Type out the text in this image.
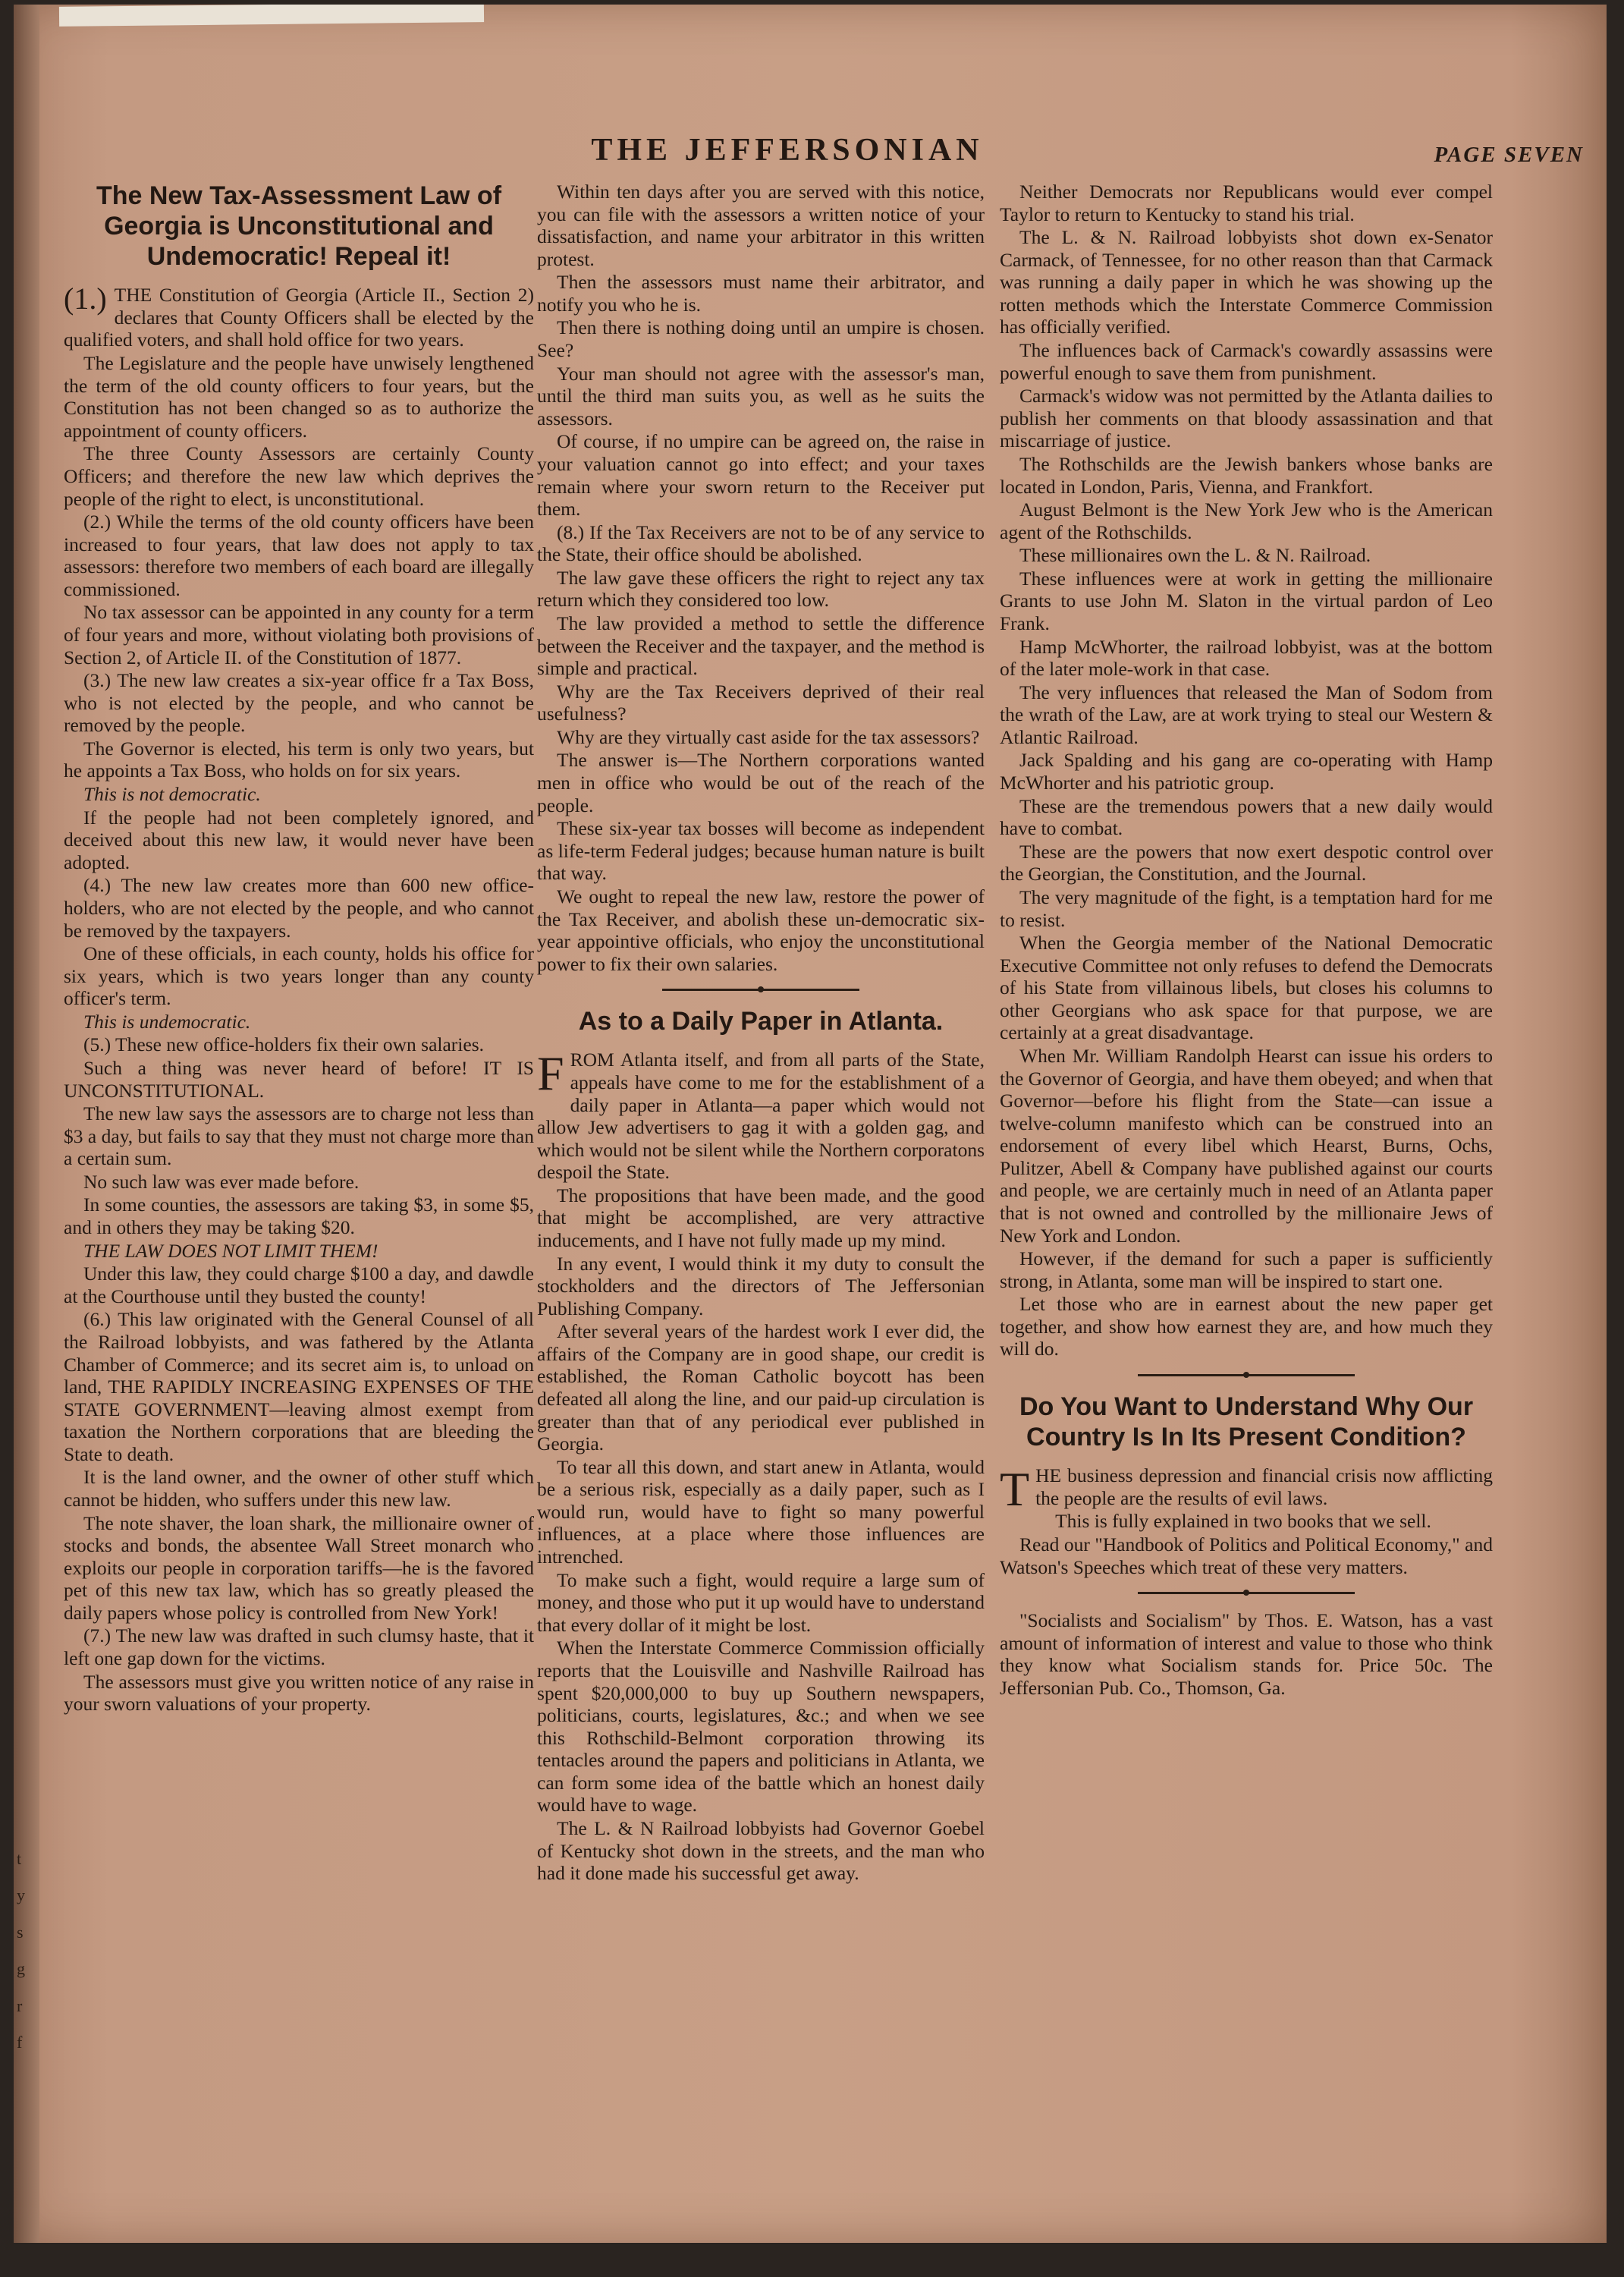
t
y
s
g
r
f
THE JEFFERSONIAN	PAGE SEVEN
The New Tax-Assessment Law of Georgia is Unconstitutional and Undemocratic! Repeal it!

(1.) THE Constitution of Georgia (Article II., Section 2) declares that County Officers shall be elected by the qualified voters, and shall hold office for two years.

The Legislature and the people have unwisely lengthened the term of the old county officers to four years, but the Constitution has not been changed so as to authorize the appointment of county officers.

The three County Assessors are certainly County Officers; and therefore the new law which deprives the people of the right to elect, is unconstitutional.

(2.) While the terms of the old county officers have been increased to four years, that law does not apply to tax assessors: therefore two members of each board are illegally commissioned.

No tax assessor can be appointed in any county for a term of four years and more, without violating both provisions of Section 2, of Article II. of the Constitution of 1877.

(3.) The new law creates a six-year office fr a Tax Boss, who is not elected by the people, and who cannot be removed by the people.

The Governor is elected, his term is only two years, but he appoints a Tax Boss, who holds on for six years.

This is not democratic.

If the people had not been completely ignored, and deceived about this new law, it would never have been adopted.

(4.) The new law creates more than 600 new office-holders, who are not elected by the people, and who cannot be removed by the taxpayers.

One of these officials, in each county, holds his office for six years, which is two years longer than any county officer's term.

This is undemocratic.

(5.) These new office-holders fix their own salaries.

Such a thing was never heard of before! IT IS UNCONSTITUTIONAL.

The new law says the assessors are to charge not less than $3 a day, but fails to say that they must not charge more than a certain sum.

No such law was ever made before.

In some counties, the assessors are taking $3, in some $5, and in others they may be taking $20.

THE LAW DOES NOT LIMIT THEM!

Under this law, they could charge $100 a day, and dawdle at the Courthouse until they busted the county!

(6.) This law originated with the General Counsel of all the Railroad lobbyists, and was fathered by the Atlanta Chamber of Commerce; and its secret aim is, to unload on land, THE RAPIDLY INCREASING EXPENSES OF THE STATE GOVERNMENT—leaving almost exempt from taxation the Northern corporations that are bleeding the State to death.

It is the land owner, and the owner of other stuff which cannot be hidden, who suffers under this new law.

The note shaver, the loan shark, the millionaire owner of stocks and bonds, the absentee Wall Street monarch who exploits our people in corporation tariffs—he is the favored pet of this new tax law, which has so greatly pleased the daily papers whose policy is controlled from New York!

(7.) The new law was drafted in such clumsy haste, that it left one gap down for the victims.

The assessors must give you written notice of any raise in your sworn valuations of your property.

Within ten days after you are served with this notice, you can file with the assessors a written notice of your dissatisfaction, and name your arbitrator in this written protest.

Then the assessors must name their arbitrator, and notify you who he is.

Then there is nothing doing until an umpire is chosen. See?

Your man should not agree with the assessor's man, until the third man suits you, as well as he suits the assessors.

Of course, if no umpire can be agreed on, the raise in your valuation cannot go into effect; and your taxes remain where your sworn return to the Receiver put them.

(8.) If the Tax Receivers are not to be of any service to the State, their office should be abolished.

The law gave these officers the right to reject any tax return which they considered too low.

The law provided a method to settle the difference between the Receiver and the taxpayer, and the method is simple and practical.

Why are the Tax Receivers deprived of their real usefulness?

Why are they virtually cast aside for the tax assessors?

The answer is—The Northern corporations wanted men in office who would be out of the reach of the people.

These six-year tax bosses will become as independent as life-term Federal judges; because human nature is built that way.

We ought to repeal the new law, restore the power of the Tax Receiver, and abolish these un-democratic six-year appointive officials, who enjoy the unconstitutional power to fix their own salaries.

As to a Daily Paper in Atlanta.

FROM Atlanta itself, and from all parts of the State, appeals have come to me for the establishment of a daily paper in Atlanta—a paper which would not allow Jew advertisers to gag it with a golden gag, and which would not be silent while the Northern corporatons despoil the State.

The propositions that have been made, and the good that might be accomplished, are very attractive inducements, and I have not fully made up my mind.

In any event, I would think it my duty to consult the stockholders and the directors of The Jeffersonian Publishing Company.

After several years of the hardest work I ever did, the affairs of the Company are in good shape, our credit is established, the Roman Catholic boycott has been defeated all along the line, and our paid-up circulation is greater than that of any periodical ever published in Georgia.

To tear all this down, and start anew in Atlanta, would be a serious risk, especially as a daily paper, such as I would run, would have to fight so many powerful influences, at a place where those influences are intrenched.

To make such a fight, would require a large sum of money, and those who put it up would have to understand that every dollar of it might be lost.

When the Interstate Commerce Commission officially reports that the Louisville and Nashville Railroad has spent $20,000,000 to buy up Southern newspapers, politicians, courts, legislatures, &c.; and when we see this Rothschild-Belmont corporation throwing its tentacles around the papers and politicians in Atlanta, we can form some idea of the battle which an honest daily would have to wage.

The L. & N Railroad lobbyists had Governor Goebel of Kentucky shot down in the streets, and the man who had it done made his successful get away.

Neither Democrats nor Republicans would ever compel Taylor to return to Kentucky to stand his trial.

The L. & N. Railroad lobbyists shot down ex-Senator Carmack, of Tennessee, for no other reason than that Carmack was running a daily paper in which he was showing up the rotten methods which the Interstate Commerce Commission has officially verified.

The influences back of Carmack's cowardly assassins were powerful enough to save them from punishment.

Carmack's widow was not permitted by the Atlanta dailies to publish her comments on that bloody assassination and that miscarriage of justice.

The Rothschilds are the Jewish bankers whose banks are located in London, Paris, Vienna, and Frankfort.

August Belmont is the New York Jew who is the American agent of the Rothschilds.

These millionaires own the L. & N. Railroad.

These influences were at work in getting the millionaire Grants to use John M. Slaton in the virtual pardon of Leo Frank.

Hamp McWhorter, the railroad lobbyist, was at the bottom of the later mole-work in that case.

The very influences that released the Man of Sodom from the wrath of the Law, are at work trying to steal our Western & Atlantic Railroad.

Jack Spalding and his gang are co-operating with Hamp McWhorter and his patriotic group.

These are the tremendous powers that a new daily would have to combat.

These are the powers that now exert despotic control over the Georgian, the Constitution, and the Journal.

The very magnitude of the fight, is a temptation hard for me to resist.

When the Georgia member of the National Democratic Executive Committee not only refuses to defend the Democrats of his State from villainous libels, but closes his columns to other Georgians who ask space for that purpose, we are certainly at a great disadvantage.

When Mr. William Randolph Hearst can issue his orders to the Governor of Georgia, and have them obeyed; and when that Governor—before his flight from the State—can issue a twelve-column manifesto which can be construed into an endorsement of every libel which Hearst, Burns, Ochs, Pulitzer, Abell & Company have published against our courts and people, we are certainly much in need of an Atlanta paper that is not owned and controlled by the millionaire Jews of New York and London.

However, if the demand for such a paper is sufficiently strong, in Atlanta, some man will be inspired to start one.

Let those who are in earnest about the new paper get together, and show how earnest they are, and how much they will do.

Do You Want to Understand Why Our Country Is In Its Present Condition?

THE business depression and financial crisis now afflicting the people are the results of evil laws.

This is fully explained in two books that we sell.

Read our "Handbook of Politics and Political Economy," and Watson's Speeches which treat of these very matters.

"Socialists and Socialism" by Thos. E. Watson, has a vast amount of information of interest and value to those who think they know what Socialism stands for. Price 50c. The Jeffersonian Pub. Co., Thomson, Ga.
